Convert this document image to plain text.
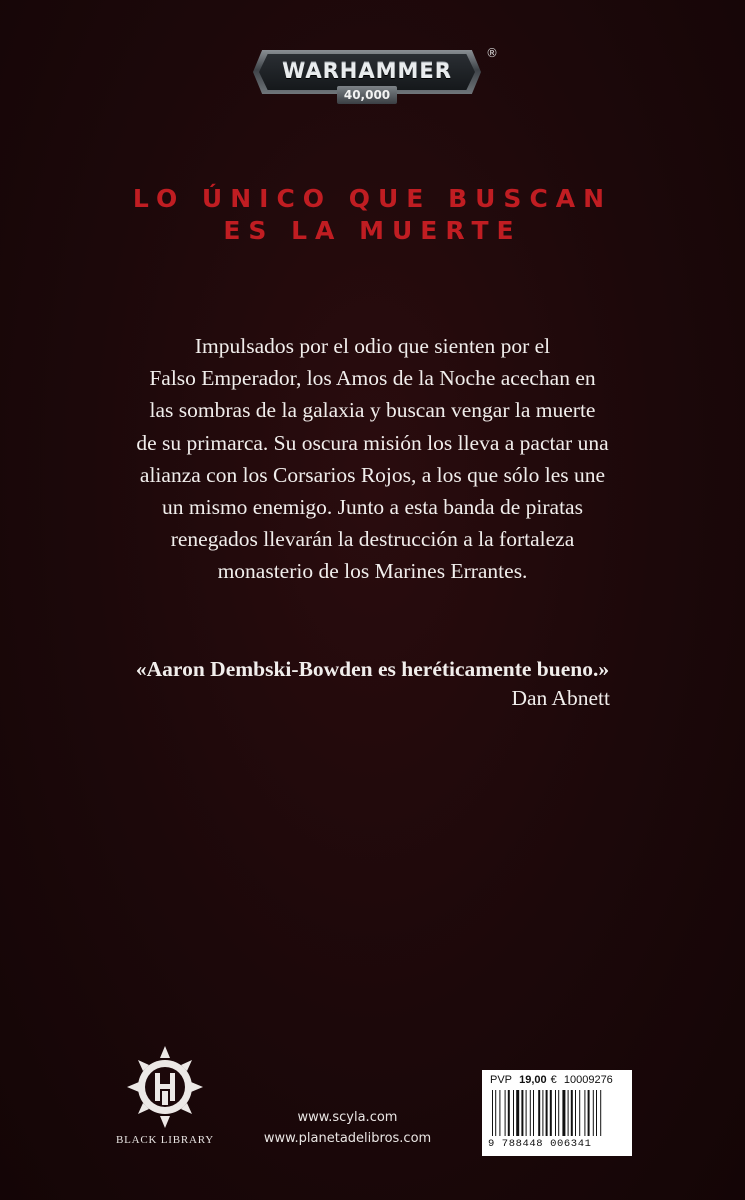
WARHAMMER
40,000
®
LO ÚNICO QUE BUSCAN
ES LA MUERTE
Impulsados por el odio que sienten por el
Falso Emperador, los Amos de la Noche acechan en
las sombras de la galaxia y buscan vengar la muerte
de su primarca. Su oscura misión los lleva a pactar una
alianza con los Corsarios Rojos, a los que sólo les une
un mismo enemigo. Junto a esta banda de piratas
renegados llevarán la destrucción a la fortaleza
monasterio de los Marines Errantes.
«Aaron Dembski-Bowden es heréticamente bueno.»
Dan Abnett
BLACK LIBRARY
www.scyla.com
www.planetadelibros.com
PVP 19,00 € 10009276
9 788448 006341
